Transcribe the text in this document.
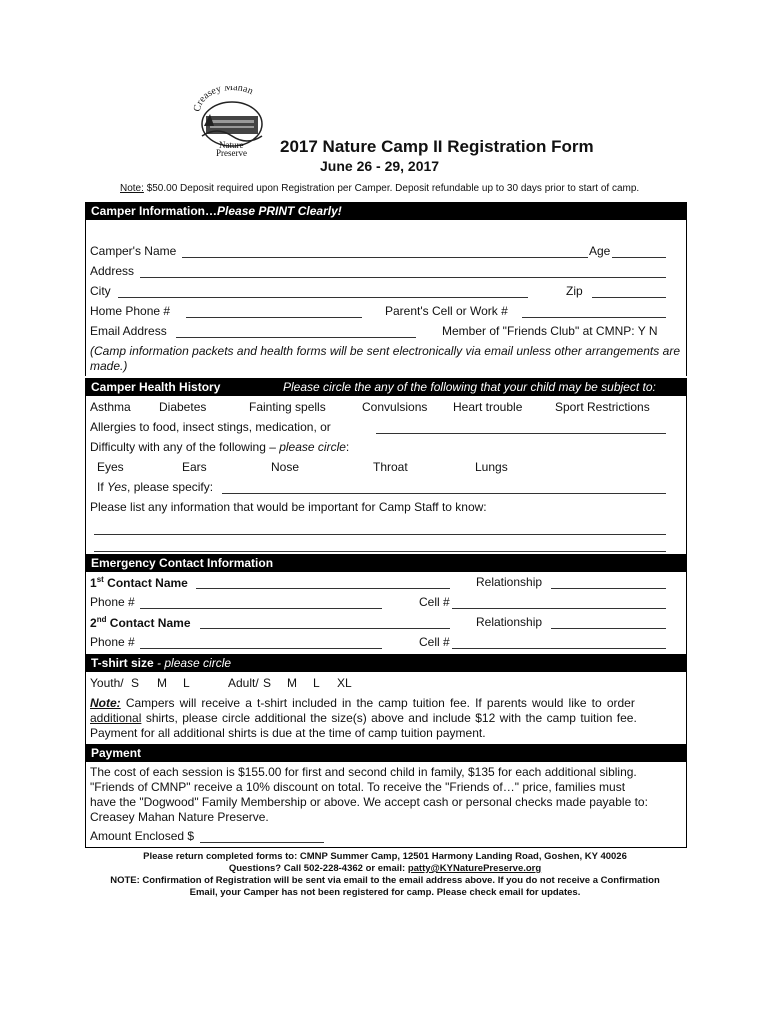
Creasey Mahan
Nature
Preserve 2017 Nature Camp II Registration Form
June 26 - 29, 2017
Note: $50.00 Deposit required upon Registration per Camper. Deposit refundable up to 30 days prior to start of camp.
Camper Information…Please PRINT Clearly!
Camper's Name	Age
Address
City	Zip
Home Phone #	Parent's Cell or Work #
Email Address	Member of "Friends Club" at CMNP: Y N
(Camp information packets and health forms will be sent electronically via email unless other arrangements are made.)
Camper Health History	Please circle the any of the following that your child may be subject to:
Asthma Diabetes	Fainting spells	Convulsions Heart trouble	Sport Restrictions
Allergies to food, insect stings, medication, or
Difficulty with any of the following – please circle:
Eyes	Ears	Nose	Throat	Lungs
If Yes, please specify:
Please list any information that would be important for Camp Staff to know:
Emergency Contact Information
1st Contact Name	Relationship
Phone #	Cell #
2nd Contact Name	Relationship
Phone #	Cell #
T-shirt size - please circle
Youth/ S M L	Adult/ S M L XL
Note: Campers will receive a t-shirt included in the camp tuition fee. If parents would like to order
additional shirts, please circle additional the size(s) above and include $12 with the camp tuition fee.
Payment for all additional shirts is due at the time of camp tuition payment.
Payment
The cost of each session is $155.00 for first and second child in family, $135 for each additional sibling.
"Friends of CMNP" receive a 10% discount on total. To receive the "Friends of…" price, families must
have the "Dogwood" Family Membership or above. We accept cash or personal checks made payable to:
Creasey Mahan Nature Preserve.
Amount Enclosed $
Please return completed forms to: CMNP Summer Camp, 12501 Harmony Landing Road, Goshen, KY 40026
Questions? Call 502-228-4362 or email: patty@KYNaturePreserve.org
NOTE: Confirmation of Registration will be sent via email to the email address above. If you do not receive a Confirmation
Email, your Camper has not been registered for camp. Please check email for updates.
